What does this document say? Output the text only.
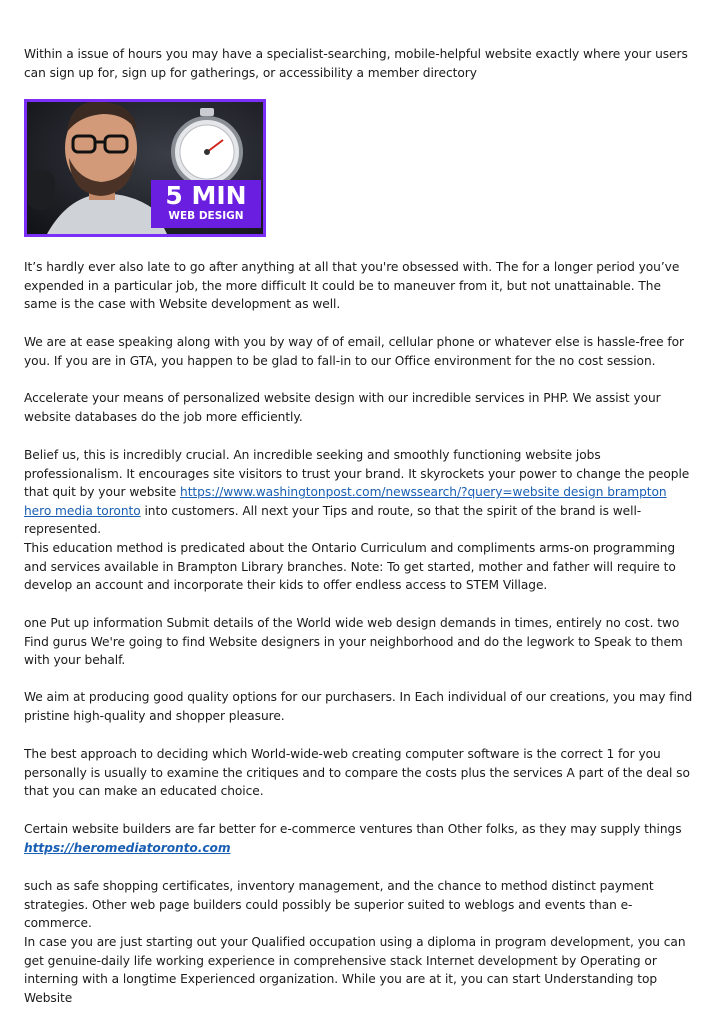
Within a issue of hours you may have a specialist-searching, mobile-helpful website exactly where your users can sign up for, sign up for gatherings, or accessibility a member directory

5 MIN
WEB DESIGN

It’s hardly ever also late to go after anything at all that you're obsessed with. The for a longer period you’ve expended in a particular job, the more difficult It could be to maneuver from it, but not unattainable. The same is the case with Website development as well.

We are at ease speaking along with you by way of of email, cellular phone or whatever else is hassle-free for you. If you are in GTA, you happen to be glad to fall-in to our Office environment for the no cost session.

Accelerate your means of personalized website design with our incredible services in PHP. We assist your website databases do the job more efficiently.

Belief us, this is incredibly crucial. An incredible seeking and smoothly functioning website jobs professionalism. It encourages site visitors to trust your brand. It skyrockets your power to change the people that quit by your website https://www.washingtonpost.com/newssearch/?query=website design brampton hero media toronto into customers. All next your Tips and route, so that the spirit of the brand is well-represented.

This education method is predicated about the Ontario Curriculum and compliments arms-on programming and services available in Brampton Library branches. Note: To get started, mother and father will require to develop an account and incorporate their kids to offer endless access to STEM Village.

one Put up information Submit details of the World wide web design demands in times, entirely no cost. two Find gurus We're going to find Website designers in your neighborhood and do the legwork to Speak to them with your behalf.

We aim at producing good quality options for our purchasers. In Each individual of our creations, you may find pristine high-quality and shopper pleasure.

The best approach to deciding which World-wide-web creating computer software is the correct 1 for you personally is usually to examine the critiques and to compare the costs plus the services A part of the deal so that you can make an educated choice.

Certain website builders are far better for e-commerce ventures than Other folks, as they may supply things
https://heromediatoronto.com

such as safe shopping certificates, inventory management, and the chance to method distinct payment strategies. Other web page builders could possibly be superior suited to weblogs and events than e-commerce.

In case you are just starting out your Qualified occupation using a diploma in program development, you can get genuine-daily life working experience in comprehensive stack Internet development by Operating or interning with a longtime Experienced organization. While you are at it, you can start Understanding top Website
